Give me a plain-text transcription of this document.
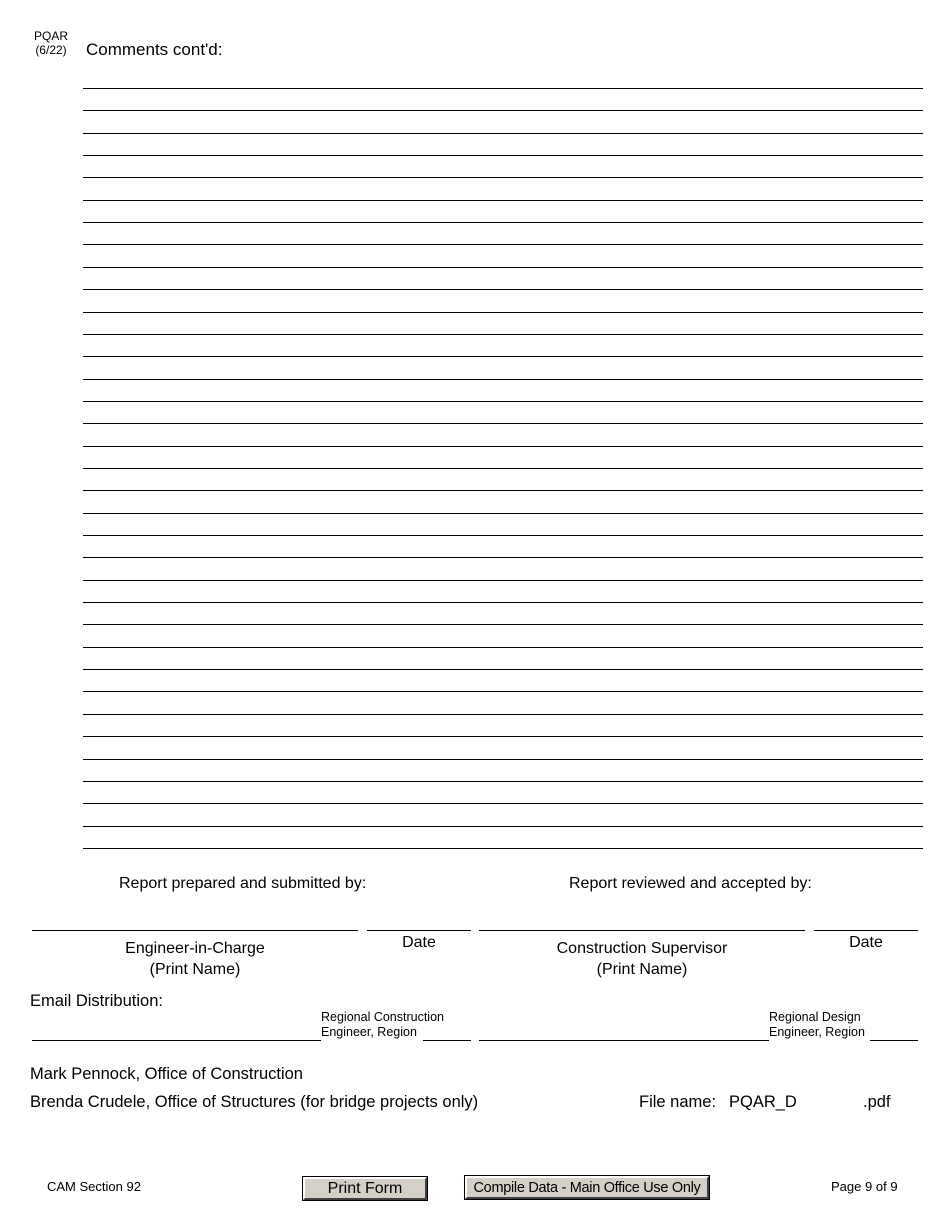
PQAR
(6/22)	Comments cont'd:
Report prepared and submitted by:	Report reviewed and accepted by:
Engineer-in-Charge
(Print Name)
Date	Construction Supervisor
(Print Name)
Date
Email Distribution:
Regional Construction
Engineer, Region
Regional Design
Engineer, Region
Mark Pennock, Office of Construction
Brenda Crudele, Office of Structures (for bridge projects only)	File name: PQAR_D	.pdf
CAM Section 92	Print Form	Compile Data - Main Office Use Only	Page 9 of 9
